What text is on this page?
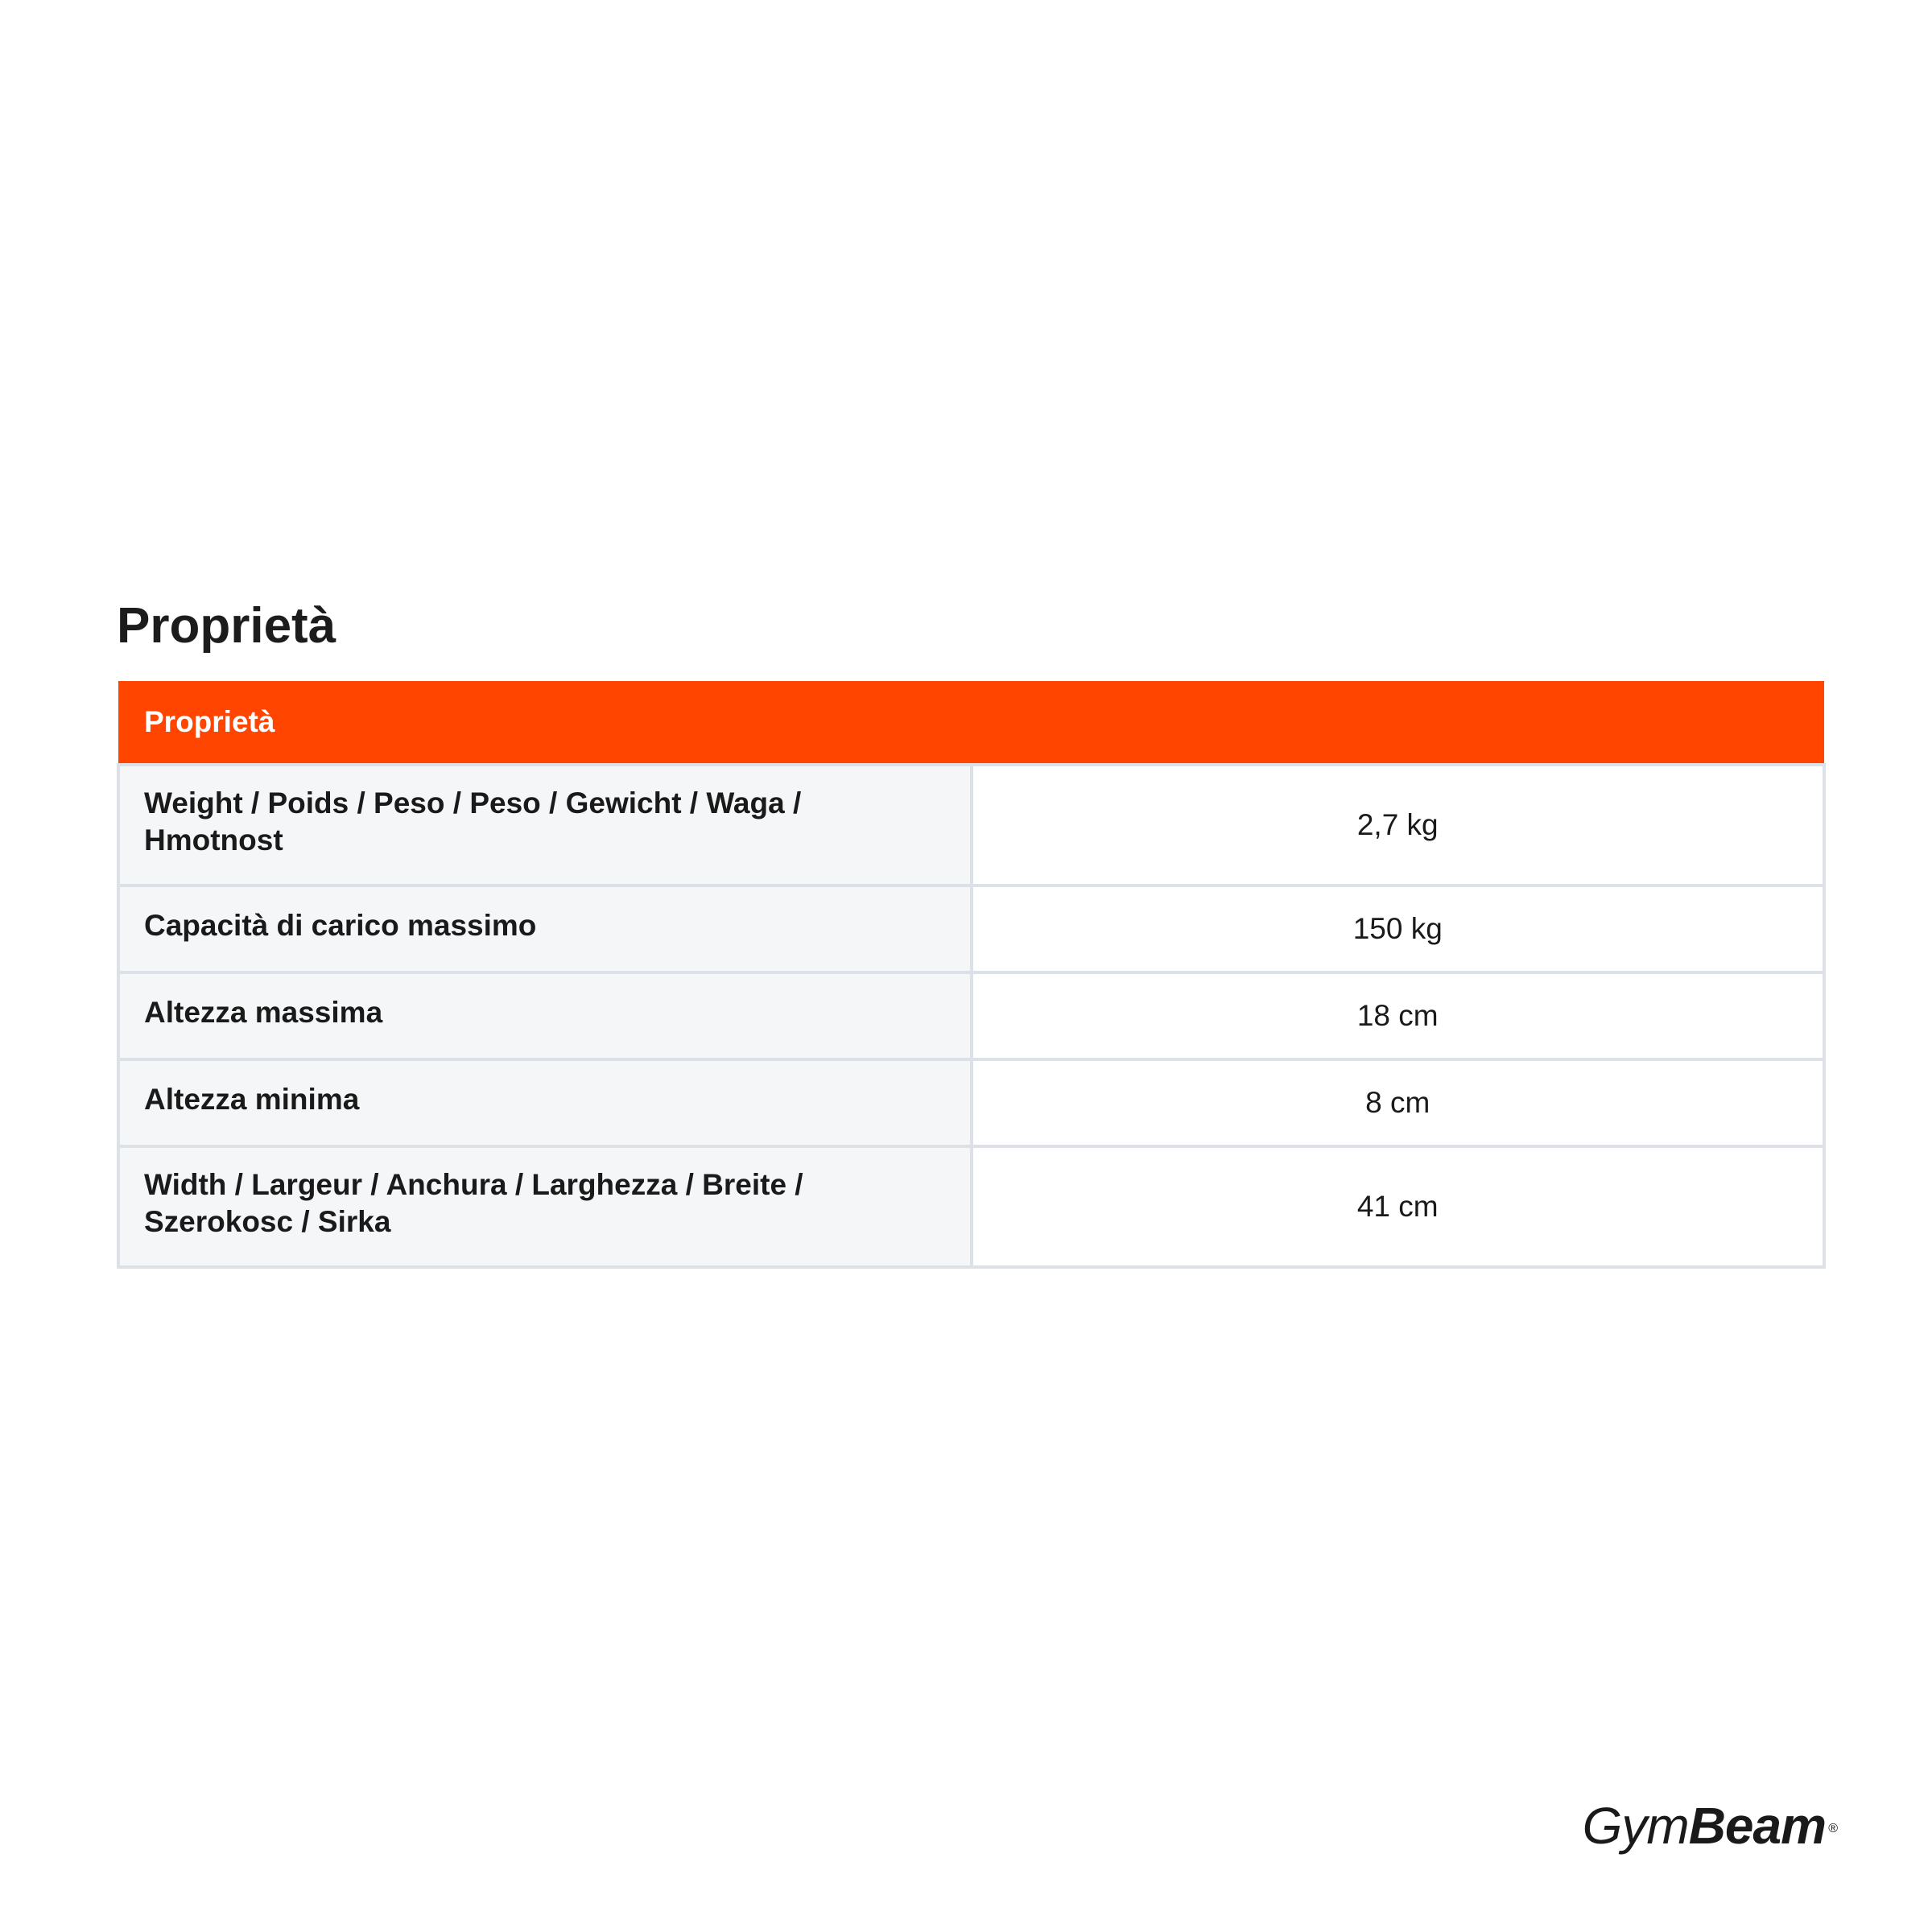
Proprietà
Proprietà	

Weight / Poids / Peso / Peso / Gewicht / Waga / Hmotnost	2,7 kg

Capacità di carico massimo	150 kg

Altezza massima	18 cm

Altezza minima	8 cm

Width / Largeur / Anchura / Larghezza / Breite / Szerokosc / Sirka	41 cm
GymBeam ®
